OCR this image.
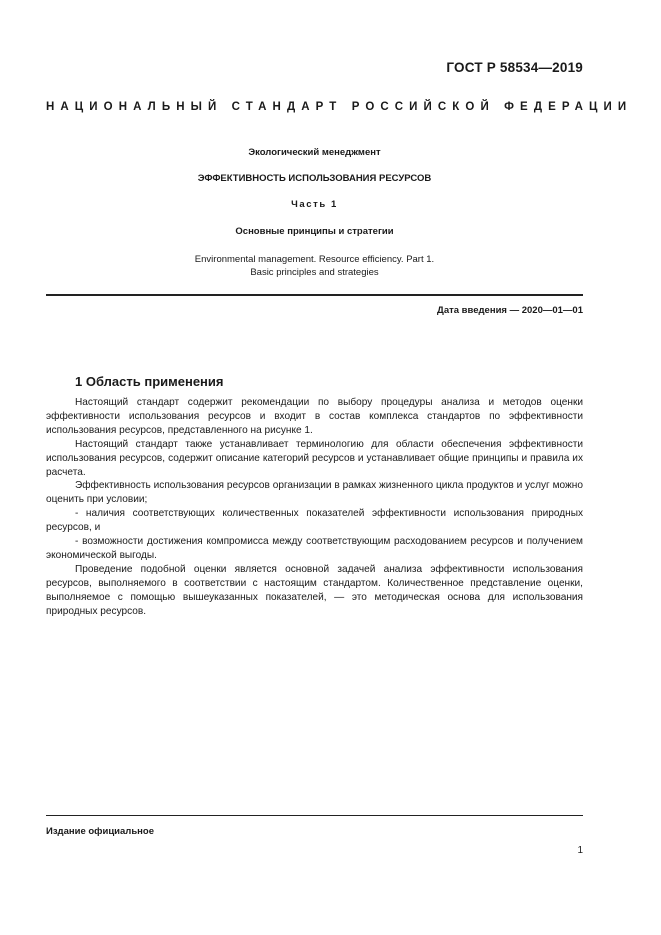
ГОСТ Р 58534—2019
НАЦИОНАЛЬНЫЙ СТАНДАРТ РОССИЙСКОЙ ФЕДЕРАЦИИ
Экологический менеджмент
ЭФФЕКТИВНОСТЬ ИСПОЛЬЗОВАНИЯ РЕСУРСОВ
Часть 1
Основные принципы и стратегии
Environmental management. Resource efficiency. Part 1.
Basic principles and strategies
Дата введения — 2020—01—01
1 Область применения

Настоящий стандарт содержит рекомендации по выбору процедуры анализа и методов оценки эффективности использования ресурсов и входит в состав комплекса стандартов по эффективности использования ресурсов, представленного на рисунке 1.

Настоящий стандарт также устанавливает терминологию для области обеспечения эффективности использования ресурсов, содержит описание категорий ресурсов и устанавливает общие принципы и правила их расчета.

Эффективность использования ресурсов организации в рамках жизненного цикла продуктов и услуг можно оценить при условии;

- наличия соответствующих количественных показателей эффективности использования природных ресурсов, и

- возможности достижения компромисса между соответствующим расходованием ресурсов и получением экономической выгоды.

Проведение подобной оценки является основной задачей анализа эффективности использования ресурсов, выполняемого в соответствии с настоящим стандартом. Количественное представление оценки, выполняемое с помощью вышеуказанных показателей, — это методическая основа для использования природных ресурсов.

Издание официальное
1
